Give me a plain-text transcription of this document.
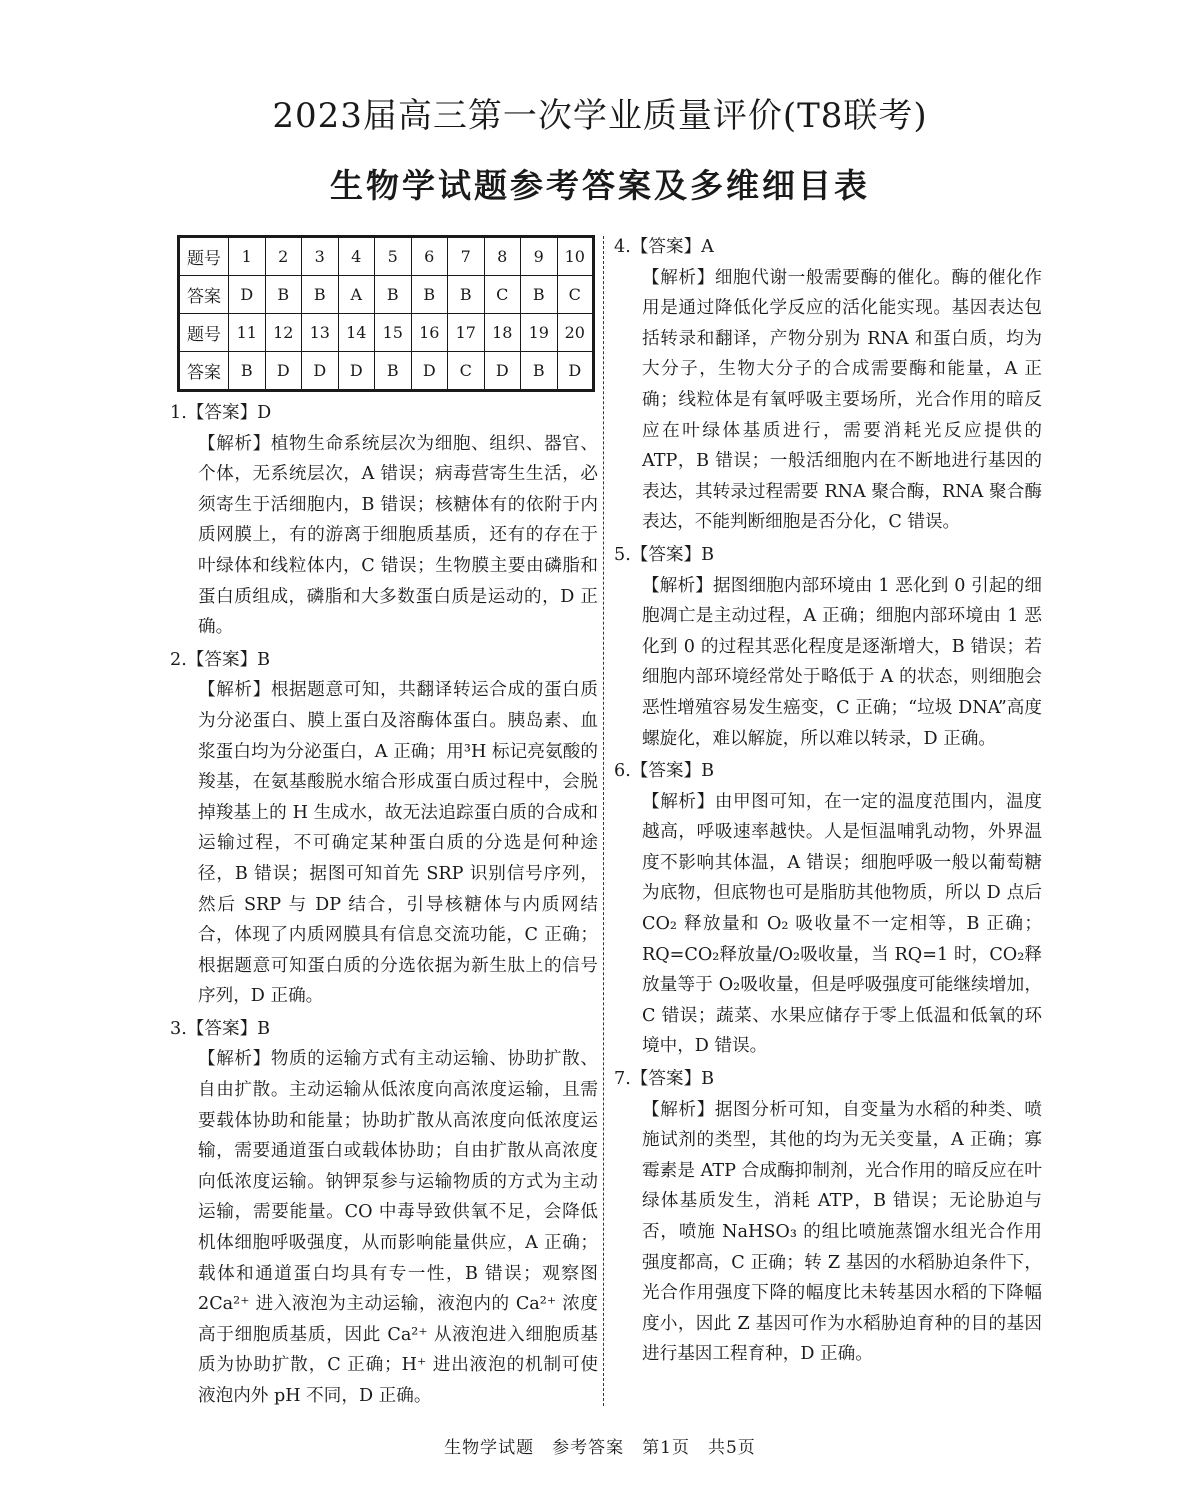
2023届高三第一次学业质量评价(T8联考)
生物学试题参考答案及多维细目表
题号	1	2	3	4	5	6	7	8	9	10
答案	D	B	B	A	B	B	B	C	B	C
题号	11	12	13	14	15	16	17	18	19	20
答案	B	D	D	D	B	D	C	D	B	D

1.【答案】D

【解析】植物生命系统层次为细胞、组织、器官、个体，无系统层次，A 错误；病毒营寄生生活，必须寄生于活细胞内，B 错误；核糖体有的依附于内质网膜上，有的游离于细胞质基质，还有的存在于叶绿体和线粒体内，C 错误；生物膜主要由磷脂和蛋白质组成，磷脂和大多数蛋白质是运动的，D 正确。

2.【答案】B

【解析】根据题意可知，共翻译转运合成的蛋白质为分泌蛋白、膜上蛋白及溶酶体蛋白。胰岛素、血浆蛋白均为分泌蛋白，A 正确；用³H 标记亮氨酸的羧基，在氨基酸脱水缩合形成蛋白质过程中，会脱掉羧基上的 H 生成水，故无法追踪蛋白质的合成和运输过程，不可确定某种蛋白质的分选是何种途径，B 错误；据图可知首先 SRP 识别信号序列，然后 SRP 与 DP 结合，引导核糖体与内质网结合，体现了内质网膜具有信息交流功能，C 正确；根据题意可知蛋白质的分选依据为新生肽上的信号序列，D 正确。

3.【答案】B

【解析】物质的运输方式有主动运输、协助扩散、自由扩散。主动运输从低浓度向高浓度运输，且需要载体协助和能量；协助扩散从高浓度向低浓度运输，需要通道蛋白或载体协助；自由扩散从高浓度向低浓度运输。钠钾泵参与运输物质的方式为主动运输，需要能量。CO 中毒导致供氧不足，会降低机体细胞呼吸强度，从而影响能量供应，A 正确；载体和通道蛋白均具有专一性，B 错误；观察图 2Ca²⁺ 进入液泡为主动运输，液泡内的 Ca²⁺ 浓度高于细胞质基质，因此 Ca²⁺ 从液泡进入细胞质基质为协助扩散，C 正确；H⁺ 进出液泡的机制可使液泡内外 pH 不同，D 正确。

4.【答案】A

【解析】细胞代谢一般需要酶的催化。酶的催化作用是通过降低化学反应的活化能实现。基因表达包括转录和翻译，产物分别为 RNA 和蛋白质，均为大分子，生物大分子的合成需要酶和能量，A 正确；线粒体是有氧呼吸主要场所，光合作用的暗反应在叶绿体基质进行，需要消耗光反应提供的 ATP，B 错误；一般活细胞内在不断地进行基因的表达，其转录过程需要 RNA 聚合酶，RNA 聚合酶表达，不能判断细胞是否分化，C 错误。

5.【答案】B

【解析】据图细胞内部环境由 1 恶化到 0 引起的细胞凋亡是主动过程，A 正确；细胞内部环境由 1 恶化到 0 的过程其恶化程度是逐渐增大，B 错误；若细胞内部环境经常处于略低于 A 的状态，则细胞会恶性增殖容易发生癌变，C 正确；“垃圾 DNA”高度螺旋化，难以解旋，所以难以转录，D 正确。

6.【答案】B

【解析】由甲图可知，在一定的温度范围内，温度越高，呼吸速率越快。人是恒温哺乳动物，外界温度不影响其体温，A 错误；细胞呼吸一般以葡萄糖为底物，但底物也可是脂肪其他物质，所以 D 点后 CO₂ 释放量和 O₂ 吸收量不一定相等，B 正确；RQ=CO₂释放量/O₂吸收量，当 RQ=1 时，CO₂释放量等于 O₂吸收量，但是呼吸强度可能继续增加，C 错误；蔬菜、水果应储存于零上低温和低氧的环境中，D 错误。

7.【答案】B

【解析】据图分析可知，自变量为水稻的种类、喷施试剂的类型，其他的均为无关变量，A 正确；寡霉素是 ATP 合成酶抑制剂，光合作用的暗反应在叶绿体基质发生，消耗 ATP，B 错误；无论胁迫与否，喷施 NaHSO₃ 的组比喷施蒸馏水组光合作用强度都高，C 正确；转 Z 基因的水稻胁迫条件下，光合作用强度下降的幅度比未转基因水稻的下降幅度小，因此 Z 基因可作为水稻胁迫育种的目的基因进行基因工程育种，D 正确。

生物学试题　参考答案　第1页　共5页
